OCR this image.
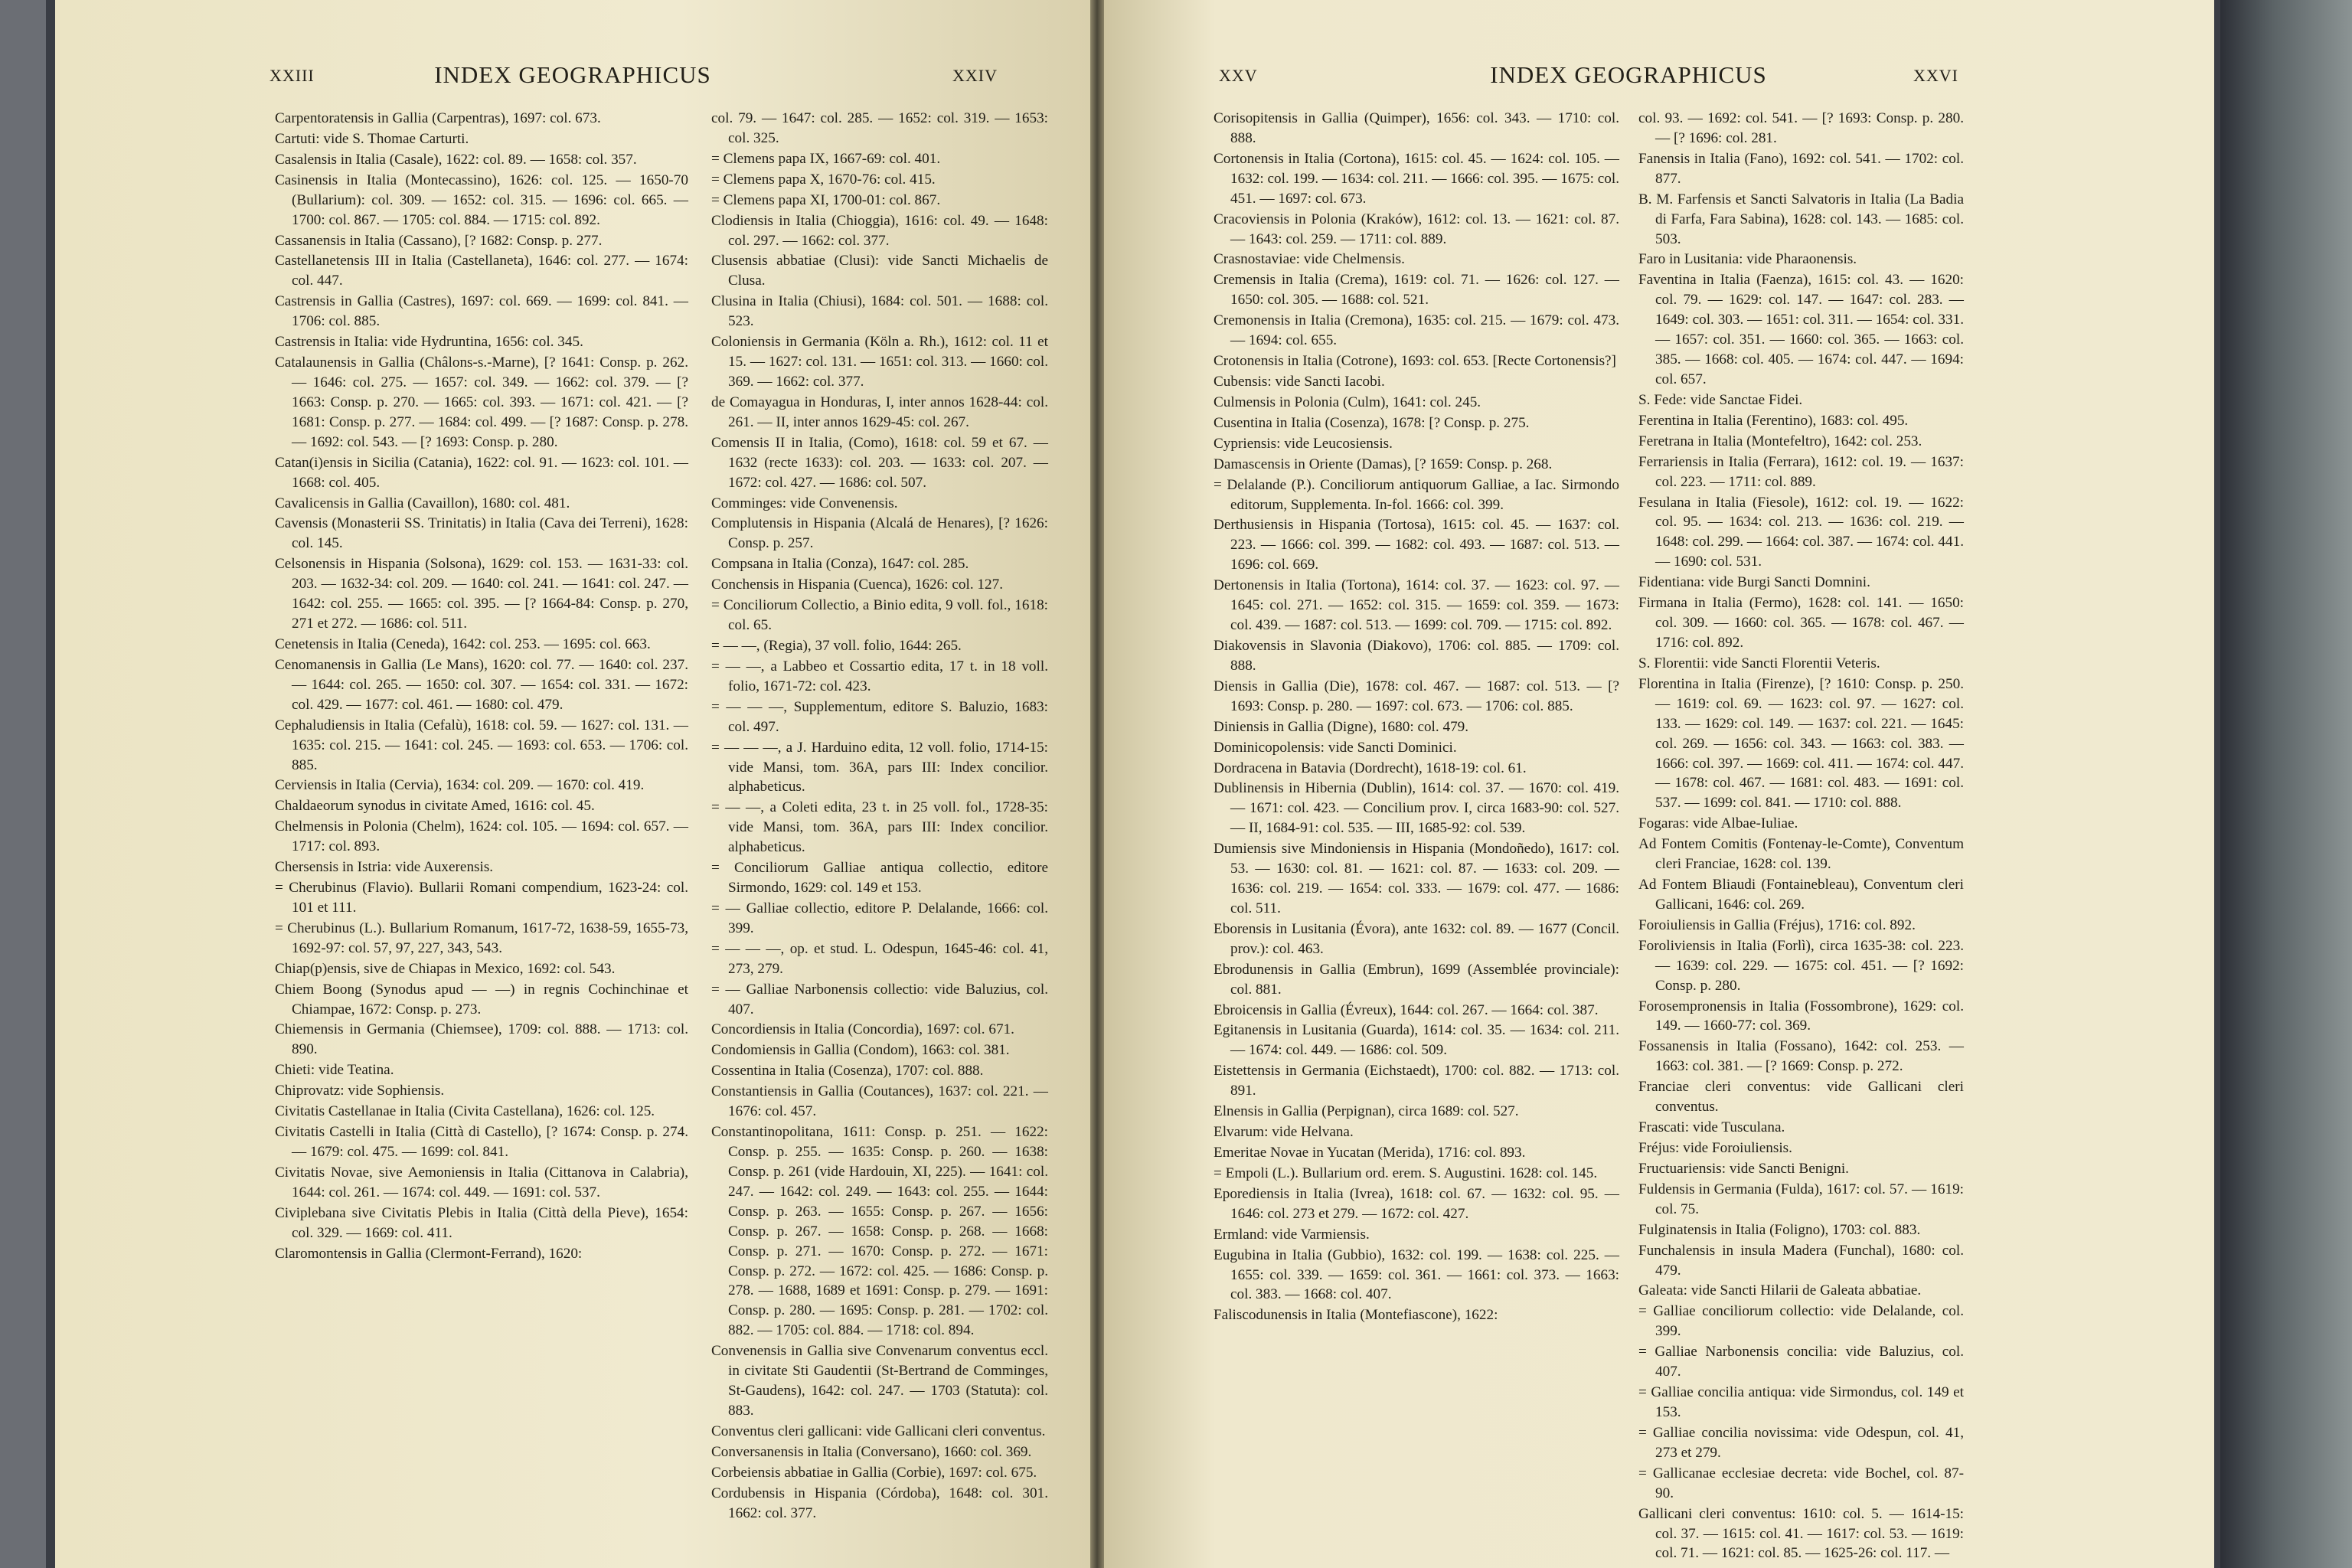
XXIII	INDEX GEOGRAPHICUS	XXIV

Carpentoratensis in Gallia (Carpentras), 1697: col. 673.

Cartuti: vide S. Thomae Carturti.

Casalensis in Italia (Casale), 1622: col. 89. — 1658: col. 357.

Casinensis in Italia (Montecassino), 1626: col. 125. — 1650-70 (Bullarium): col. 309. — 1652: col. 315. — 1696: col. 665. — 1700: col. 867. — 1705: col. 884. — 1715: col. 892.

Cassanensis in Italia (Cassano), [? 1682: Consp. p. 277.

Castellanetensis III in Italia (Castellaneta), 1646: col. 277. — 1674: col. 447.

Castrensis in Gallia (Castres), 1697: col. 669. — 1699: col. 841. — 1706: col. 885.

Castrensis in Italia: vide Hydruntina, 1656: col. 345.

Catalaunensis in Gallia (Châlons-s.-Marne), [? 1641: Consp. p. 262. — 1646: col. 275. — 1657: col. 349. — 1662: col. 379. — [? 1663: Consp. p. 270. — 1665: col. 393. — 1671: col. 421. — [? 1681: Consp. p. 277. — 1684: col. 499. — [? 1687: Consp. p. 278. — 1692: col. 543. — [? 1693: Consp. p. 280.

Catan(i)ensis in Sicilia (Catania), 1622: col. 91. — 1623: col. 101. — 1668: col. 405.

Cavalicensis in Gallia (Cavaillon), 1680: col. 481.

Cavensis (Monasterii SS. Trinitatis) in Italia (Cava dei Terreni), 1628: col. 145.

Celsonensis in Hispania (Solsona), 1629: col. 153. — 1631-33: col. 203. — 1632-34: col. 209. — 1640: col. 241. — 1641: col. 247. — 1642: col. 255. — 1665: col. 395. — [? 1664-84: Consp. p. 270, 271 et 272. — 1686: col. 511.

Cenetensis in Italia (Ceneda), 1642: col. 253. — 1695: col. 663.

Cenomanensis in Gallia (Le Mans), 1620: col. 77. — 1640: col. 237. — 1644: col. 265. — 1650: col. 307. — 1654: col. 331. — 1672: col. 429. — 1677: col. 461. — 1680: col. 479.

Cephaludiensis in Italia (Cefalù), 1618: col. 59. — 1627: col. 131. — 1635: col. 215. — 1641: col. 245. — 1693: col. 653. — 1706: col. 885.

Cerviensis in Italia (Cervia), 1634: col. 209. — 1670: col. 419.

Chaldaeorum synodus in civitate Amed, 1616: col. 45.

Chelmensis in Polonia (Chelm), 1624: col. 105. — 1694: col. 657. — 1717: col. 893.

Chersensis in Istria: vide Auxerensis.

= Cherubinus (Flavio). Bullarii Romani compendium, 1623-24: col. 101 et 111.

= Cherubinus (L.). Bullarium Romanum, 1617-72, 1638-59, 1655-73, 1692-97: col. 57, 97, 227, 343, 543.

Chiap(p)ensis, sive de Chiapas in Mexico, 1692: col. 543.

Chiem Boong (Synodus apud — —) in regnis Cochinchinae et Chiampae, 1672: Consp. p. 273.

Chiemensis in Germania (Chiemsee), 1709: col. 888. — 1713: col. 890.

Chieti: vide Teatina.

Chiprovatz: vide Sophiensis.

Civitatis Castellanae in Italia (Civita Castellana), 1626: col. 125.

Civitatis Castelli in Italia (Città di Castello), [? 1674: Consp. p. 274. — 1679: col. 475. — 1699: col. 841.

Civitatis Novae, sive Aemoniensis in Italia (Cittanova in Calabria), 1644: col. 261. — 1674: col. 449. — 1691: col. 537.

Civiplebana sive Civitatis Plebis in Italia (Città della Pieve), 1654: col. 329. — 1669: col. 411.

Claromontensis in Gallia (Clermont-Ferrand), 1620:

col. 79. — 1647: col. 285. — 1652: col. 319. — 1653: col. 325.

= Clemens papa IX, 1667-69: col. 401.

= Clemens papa X, 1670-76: col. 415.

= Clemens papa XI, 1700-01: col. 867.

Clodiensis in Italia (Chioggia), 1616: col. 49. — 1648: col. 297. — 1662: col. 377.

Clusensis abbatiae (Clusi): vide Sancti Michaelis de Clusa.

Clusina in Italia (Chiusi), 1684: col. 501. — 1688: col. 523.

Coloniensis in Germania (Köln a. Rh.), 1612: col. 11 et 15. — 1627: col. 131. — 1651: col. 313. — 1660: col. 369. — 1662: col. 377.

de Comayagua in Honduras, I, inter annos 1628-44: col. 261. — II, inter annos 1629-45: col. 267.

Comensis II in Italia, (Como), 1618: col. 59 et 67. — 1632 (recte 1633): col. 203. — 1633: col. 207. — 1672: col. 427. — 1686: col. 507.

Comminges: vide Convenensis.

Complutensis in Hispania (Alcalá de Henares), [? 1626: Consp. p. 257.

Compsana in Italia (Conza), 1647: col. 285.

Conchensis in Hispania (Cuenca), 1626: col. 127.

= Conciliorum Collectio, a Binio edita, 9 voll. fol., 1618: col. 65.

= — —, (Regia), 37 voll. folio, 1644: 265.

= — —, a Labbeo et Cossartio edita, 17 t. in 18 voll. folio, 1671-72: col. 423.

= — — —, Supplementum, editore S. Baluzio, 1683: col. 497.

= — — —, a J. Harduino edita, 12 voll. folio, 1714-15: vide Mansi, tom. 36A, pars III: Index concilior. alphabeticus.

= — —, a Coleti edita, 23 t. in 25 voll. fol., 1728-35: vide Mansi, tom. 36A, pars III: Index concilior. alphabeticus.

= Conciliorum Galliae antiqua collectio, editore Sirmondo, 1629: col. 149 et 153.

= — Galliae collectio, editore P. Delalande, 1666: col. 399.

= — — —, op. et stud. L. Odespun, 1645-46: col. 41, 273, 279.

= — Galliae Narbonensis collectio: vide Baluzius, col. 407.

Concordiensis in Italia (Concordia), 1697: col. 671.

Condomiensis in Gallia (Condom), 1663: col. 381.

Cossentina in Italia (Cosenza), 1707: col. 888.

Constantiensis in Gallia (Coutances), 1637: col. 221. — 1676: col. 457.

Constantinopolitana, 1611: Consp. p. 251. — 1622: Consp. p. 255. — 1635: Consp. p. 260. — 1638: Consp. p. 261 (vide Hardouin, XI, 225). — 1641: col. 247. — 1642: col. 249. — 1643: col. 255. — 1644: Consp. p. 263. — 1655: Consp. p. 267. — 1656: Consp. p. 267. — 1658: Consp. p. 268. — 1668: Consp. p. 271. — 1670: Consp. p. 272. — 1671: Consp. p. 272. — 1672: col. 425. — 1686: Consp. p. 278. — 1688, 1689 et 1691: Consp. p. 279. — 1691: Consp. p. 280. — 1695: Consp. p. 281. — 1702: col. 882. — 1705: col. 884. — 1718: col. 894.

Convenensis in Gallia sive Convenarum conventus eccl. in civitate Sti Gaudentii (St-Bertrand de Comminges, St-Gaudens), 1642: col. 247. — 1703 (Statuta): col. 883.

Conventus cleri gallicani: vide Gallicani cleri conventus.

Conversanensis in Italia (Conversano), 1660: col. 369.

Corbeiensis abbatiae in Gallia (Corbie), 1697: col. 675.

Cordubensis in Hispania (Córdoba), 1648: col. 301. 1662: col. 377.

XXV	INDEX GEOGRAPHICUS	XXVI

Corisopitensis in Gallia (Quimper), 1656: col. 343. — 1710: col. 888.

Cortonensis in Italia (Cortona), 1615: col. 45. — 1624: col. 105. — 1632: col. 199. — 1634: col. 211. — 1666: col. 395. — 1675: col. 451. — 1697: col. 673.

Cracoviensis in Polonia (Kraków), 1612: col. 13. — 1621: col. 87. — 1643: col. 259. — 1711: col. 889.

Crasnostaviae: vide Chelmensis.

Cremensis in Italia (Crema), 1619: col. 71. — 1626: col. 127. — 1650: col. 305. — 1688: col. 521.

Cremonensis in Italia (Cremona), 1635: col. 215. — 1679: col. 473. — 1694: col. 655.

Crotonensis in Italia (Cotrone), 1693: col. 653. [Recte Cortonensis?]

Cubensis: vide Sancti Iacobi.

Culmensis in Polonia (Culm), 1641: col. 245.

Cusentina in Italia (Cosenza), 1678: [? Consp. p. 275.

Cypriensis: vide Leucosiensis.

Damascensis in Oriente (Damas), [? 1659: Consp. p. 268.

= Delalande (P.). Conciliorum antiquorum Galliae, a Iac. Sirmondo editorum, Supplementa. In-fol. 1666: col. 399.

Derthusiensis in Hispania (Tortosa), 1615: col. 45. — 1637: col. 223. — 1666: col. 399. — 1682: col. 493. — 1687: col. 513. — 1696: col. 669.

Dertonensis in Italia (Tortona), 1614: col. 37. — 1623: col. 97. — 1645: col. 271. — 1652: col. 315. — 1659: col. 359. — 1673: col. 439. — 1687: col. 513. — 1699: col. 709. — 1715: col. 892.

Diakovensis in Slavonia (Diakovo), 1706: col. 885. — 1709: col. 888.

Diensis in Gallia (Die), 1678: col. 467. — 1687: col. 513. — [? 1693: Consp. p. 280. — 1697: col. 673. — 1706: col. 885.

Diniensis in Gallia (Digne), 1680: col. 479.

Dominicopolensis: vide Sancti Dominici.

Dordracena in Batavia (Dordrecht), 1618-19: col. 61.

Dublinensis in Hibernia (Dublin), 1614: col. 37. — 1670: col. 419. — 1671: col. 423. — Concilium prov. I, circa 1683-90: col. 527. — II, 1684-91: col. 535. — III, 1685-92: col. 539.

Dumiensis sive Mindoniensis in Hispania (Mondoñedo), 1617: col. 53. — 1630: col. 81. — 1621: col. 87. — 1633: col. 209. — 1636: col. 219. — 1654: col. 333. — 1679: col. 477. — 1686: col. 511.

Eborensis in Lusitania (Évora), ante 1632: col. 89. — 1677 (Concil. prov.): col. 463.

Ebrodunensis in Gallia (Embrun), 1699 (Assemblée provinciale): col. 881.

Ebroicensis in Gallia (Évreux), 1644: col. 267. — 1664: col. 387.

Egitanensis in Lusitania (Guarda), 1614: col. 35. — 1634: col. 211. — 1674: col. 449. — 1686: col. 509.

Eistettensis in Germania (Eichstaedt), 1700: col. 882. — 1713: col. 891.

Elnensis in Gallia (Perpignan), circa 1689: col. 527.

Elvarum: vide Helvana.

Emeritae Novae in Yucatan (Merida), 1716: col. 893.

= Empoli (L.). Bullarium ord. erem. S. Augustini. 1628: col. 145.

Eporediensis in Italia (Ivrea), 1618: col. 67. — 1632: col. 95. — 1646: col. 273 et 279. — 1672: col. 427.

Ermland: vide Varmiensis.

Eugubina in Italia (Gubbio), 1632: col. 199. — 1638: col. 225. — 1655: col. 339. — 1659: col. 361. — 1661: col. 373. — 1663: col. 383. — 1668: col. 407.

Faliscodunensis in Italia (Montefiascone), 1622:

col. 93. — 1692: col. 541. — [? 1693: Consp. p. 280. — [? 1696: col. 281.

Fanensis in Italia (Fano), 1692: col. 541. — 1702: col. 877.

B. M. Farfensis et Sancti Salvatoris in Italia (La Badia di Farfa, Fara Sabina), 1628: col. 143. — 1685: col. 503.

Faro in Lusitania: vide Pharaonensis.

Faventina in Italia (Faenza), 1615: col. 43. — 1620: col. 79. — 1629: col. 147. — 1647: col. 283. — 1649: col. 303. — 1651: col. 311. — 1654: col. 331. — 1657: col. 351. — 1660: col. 365. — 1663: col. 385. — 1668: col. 405. — 1674: col. 447. — 1694: col. 657.

S. Fede: vide Sanctae Fidei.

Ferentina in Italia (Ferentino), 1683: col. 495.

Feretrana in Italia (Montefeltro), 1642: col. 253.

Ferrariensis in Italia (Ferrara), 1612: col. 19. — 1637: col. 223. — 1711: col. 889.

Fesulana in Italia (Fiesole), 1612: col. 19. — 1622: col. 95. — 1634: col. 213. — 1636: col. 219. — 1648: col. 299. — 1664: col. 387. — 1674: col. 441. — 1690: col. 531.

Fidentiana: vide Burgi Sancti Domnini.

Firmana in Italia (Fermo), 1628: col. 141. — 1650: col. 309. — 1660: col. 365. — 1678: col. 467. — 1716: col. 892.

S. Florentii: vide Sancti Florentii Veteris.

Florentina in Italia (Firenze), [? 1610: Consp. p. 250. — 1619: col. 69. — 1623: col. 97. — 1627: col. 133. — 1629: col. 149. — 1637: col. 221. — 1645: col. 269. — 1656: col. 343. — 1663: col. 383. — 1666: col. 397. — 1669: col. 411. — 1674: col. 447. — 1678: col. 467. — 1681: col. 483. — 1691: col. 537. — 1699: col. 841. — 1710: col. 888.

Fogaras: vide Albae-Iuliae.

Ad Fontem Comitis (Fontenay-le-Comte), Conventum cleri Franciae, 1628: col. 139.

Ad Fontem Bliaudi (Fontainebleau), Conventum cleri Gallicani, 1646: col. 269.

Foroiuliensis in Gallia (Fréjus), 1716: col. 892.

Foroliviensis in Italia (Forlì), circa 1635-38: col. 223. — 1639: col. 229. — 1675: col. 451. — [? 1692: Consp. p. 280.

Forosempronensis in Italia (Fossombrone), 1629: col. 149. — 1660-77: col. 369.

Fossanensis in Italia (Fossano), 1642: col. 253. — 1663: col. 381. — [? 1669: Consp. p. 272.

Franciae cleri conventus: vide Gallicani cleri conventus.

Frascati: vide Tusculana.

Fréjus: vide Foroiuliensis.

Fructuariensis: vide Sancti Benigni.

Fuldensis in Germania (Fulda), 1617: col. 57. — 1619: col. 75.

Fulginatensis in Italia (Foligno), 1703: col. 883.

Funchalensis in insula Madera (Funchal), 1680: col. 479.

Galeata: vide Sancti Hilarii de Galeata abbatiae.

= Galliae conciliorum collectio: vide Delalande, col. 399.

= Galliae Narbonensis concilia: vide Baluzius, col. 407.

= Galliae concilia antiqua: vide Sirmondus, col. 149 et 153.

= Galliae concilia novissima: vide Odespun, col. 41, 273 et 279.

= Gallicanae ecclesiae decreta: vide Bochel, col. 87-90.

Gallicani cleri conventus: 1610: col. 5. — 1614-15: col. 37. — 1615: col. 41. — 1617: col. 53. — 1619: col. 71. — 1621: col. 85. — 1625-26: col. 117. —
